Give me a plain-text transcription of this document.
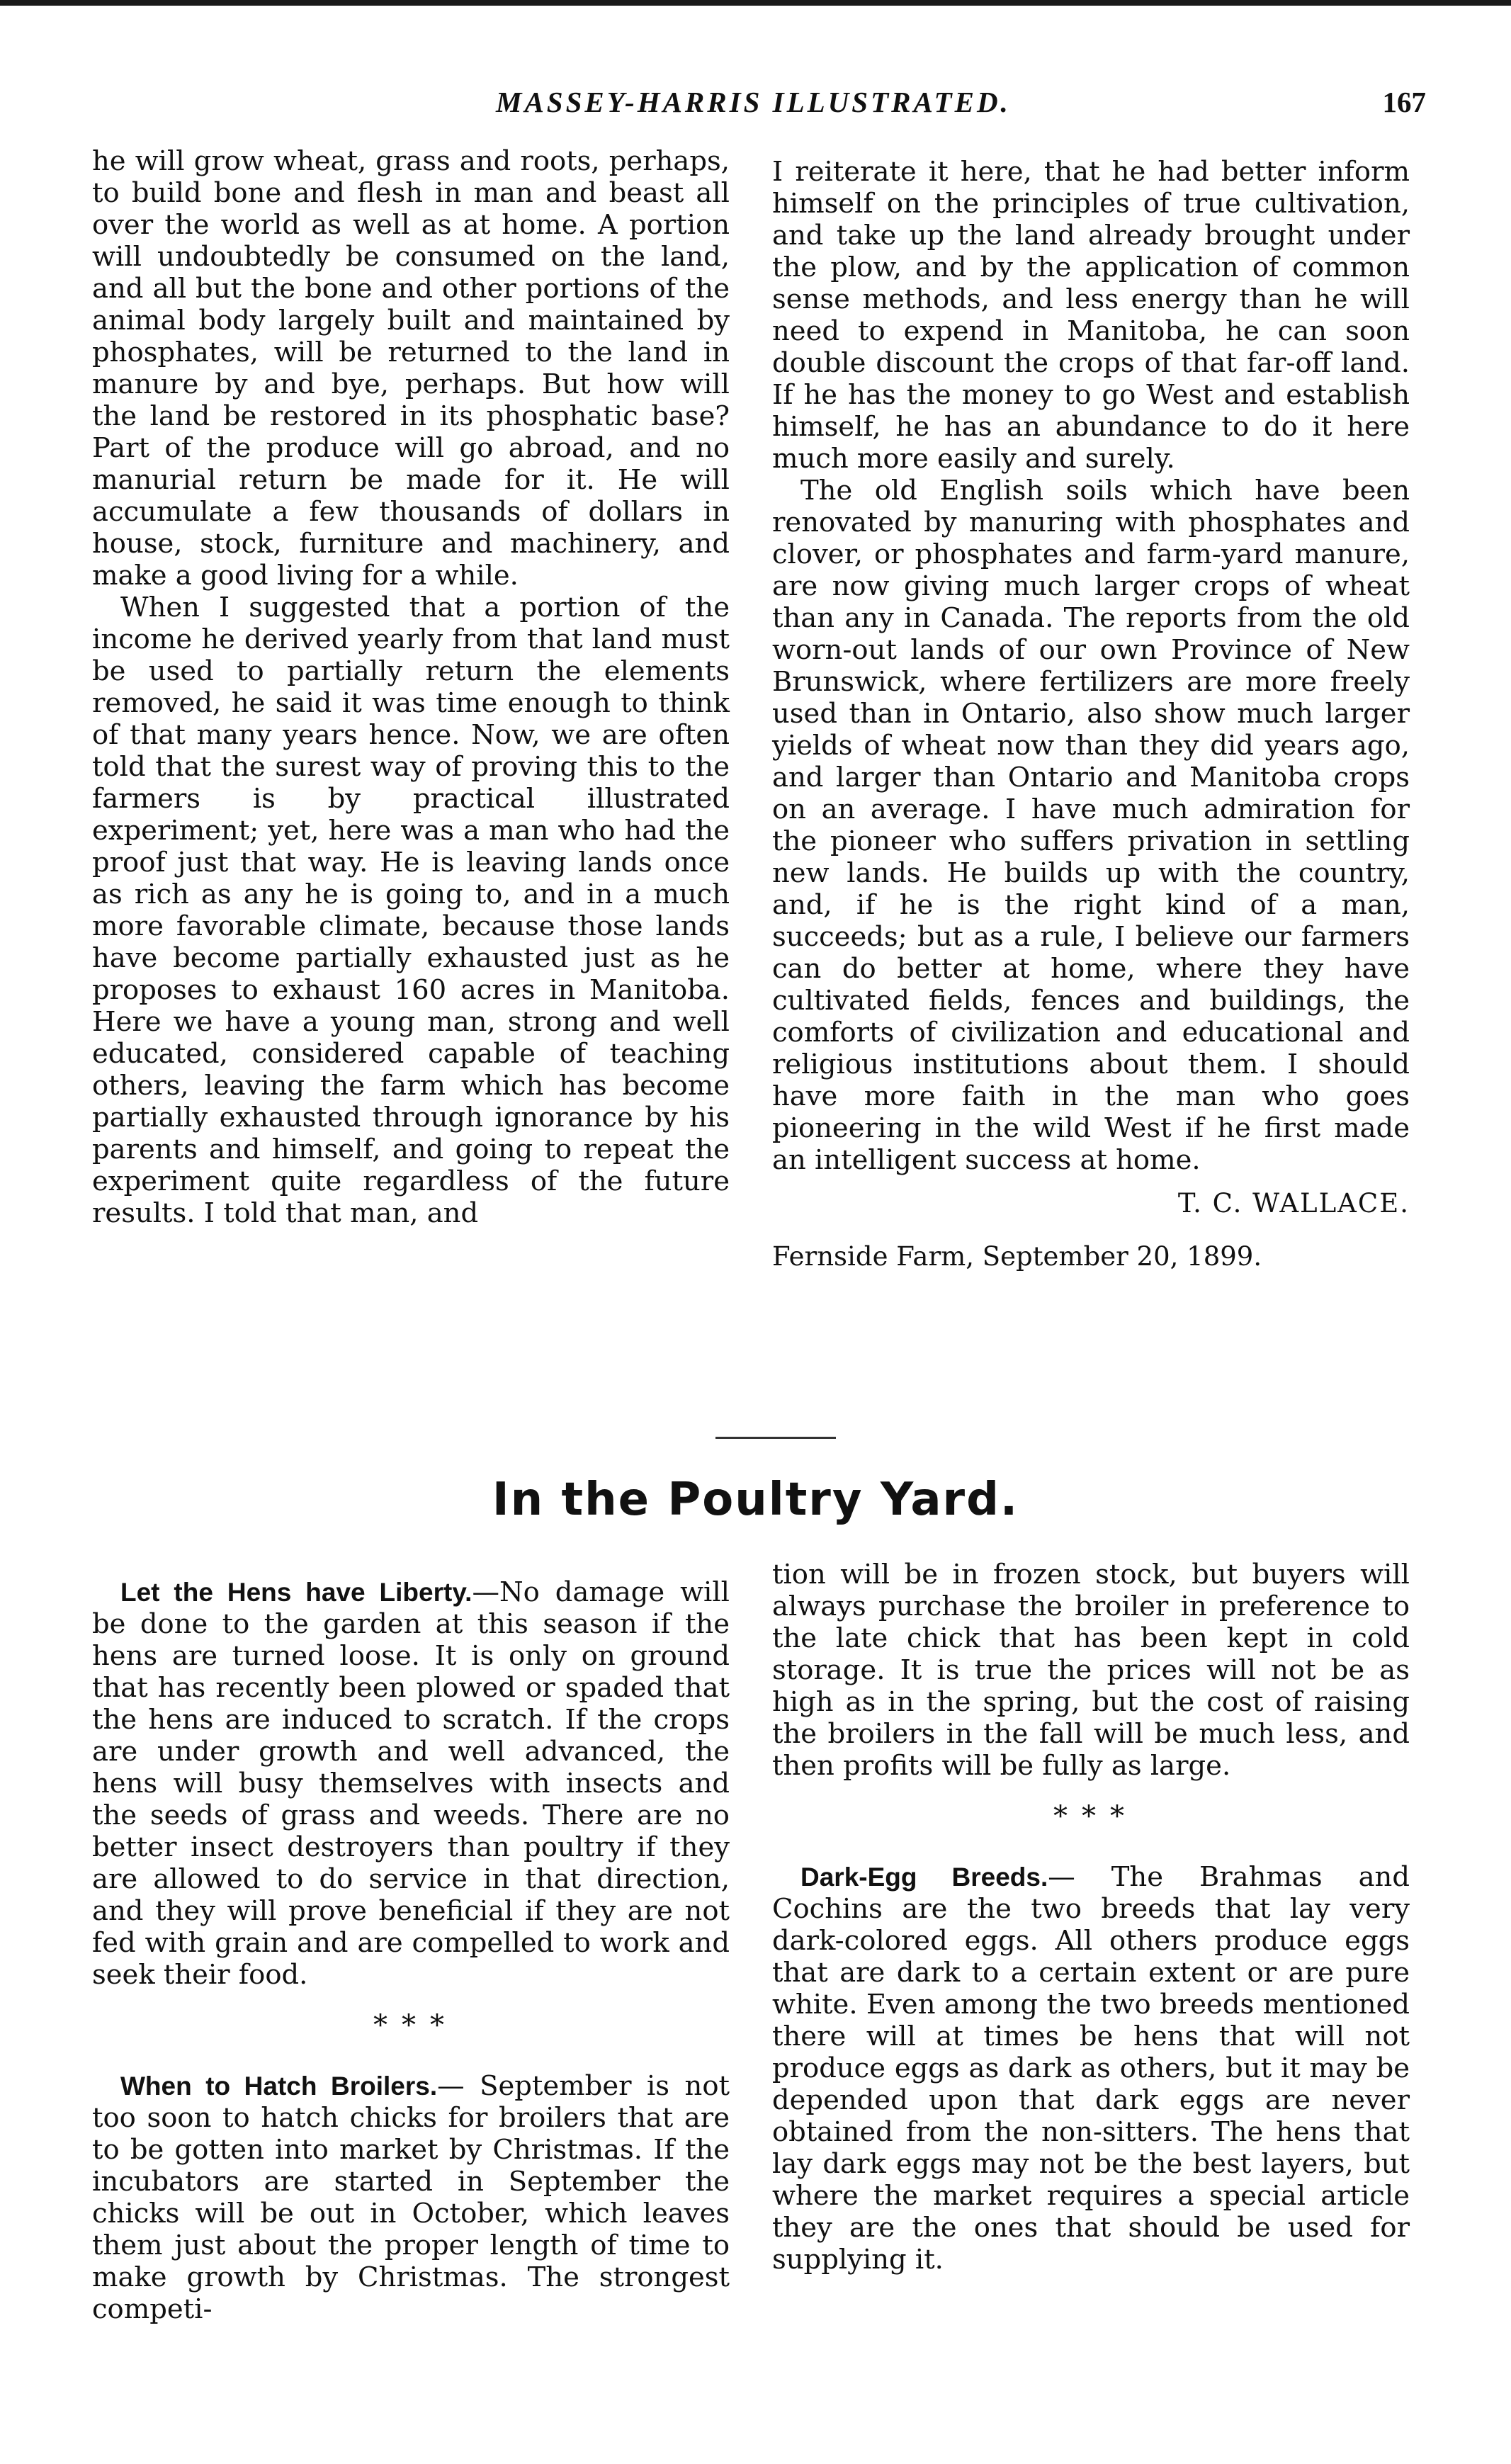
MASSEY-HARRIS ILLUSTRATED.	167

he will grow wheat, grass and roots, perhaps, to build bone and flesh in man and beast all over the world as well as at home. A portion will undoubtedly be consumed on the land, and all but the bone and other portions of the animal body largely built and maintained by phosphates, will be returned to the land in manure by and bye, perhaps. But how will the land be restored in its phosphatic base? Part of the produce will go abroad, and no manurial return be made for it. He will accumulate a few thousands of dollars in house, stock, furniture and machinery, and make a good living for a while.

When I suggested that a portion of the income he derived yearly from that land must be used to partially return the elements removed, he said it was time enough to think of that many years hence. Now, we are often told that the surest way of proving this to the farmers is by practical illustrated experiment; yet, here was a man who had the proof just that way. He is leaving lands once as rich as any he is going to, and in a much more favorable climate, because those lands have become partially exhausted just as he proposes to exhaust 160 acres in Manitoba. Here we have a young man, strong and well educated, considered capable of teaching others, leaving the farm which has become partially exhausted through ignorance by his parents and himself, and going to repeat the experiment quite regardless of the future results. I told that man, and

I reiterate it here, that he had better inform himself on the principles of true cultivation, and take up the land already brought under the plow, and by the application of common sense methods, and less energy than he will need to expend in Manitoba, he can soon double discount the crops of that far-off land. If he has the money to go West and establish himself, he has an abundance to do it here much more easily and surely.

The old English soils which have been renovated by manuring with phosphates and clover, or phosphates and farm-yard manure, are now giving much larger crops of wheat than any in Canada. The reports from the old worn-out lands of our own Province of New Brunswick, where fertilizers are more freely used than in Ontario, also show much larger yields of wheat now than they did years ago, and larger than Ontario and Manitoba crops on an average. I have much admiration for the pioneer who suffers privation in settling new lands. He builds up with the country, and, if he is the right kind of a man, succeeds; but as a rule, I believe our farmers can do better at home, where they have cultivated fields, fences and buildings, the comforts of civilization and educational and religious institutions about them. I should have more faith in the man who goes pioneering in the wild West if he first made an intelligent success at home.

T. C. WALLACE.
Fernside Farm, September 20, 1899.
In the Poultry Yard.

Let the Hens have Liberty.—No damage will be done to the garden at this season if the hens are turned loose. It is only on ground that has recently been plowed or spaded that the hens are induced to scratch. If the crops are under growth and well advanced, the hens will busy themselves with insects and the seeds of grass and weeds. There are no better insect destroyers than poultry if they are allowed to do service in that direction, and they will prove beneficial if they are not fed with grain and are compelled to work and seek their food.

* * *

When to Hatch Broilers.— September is not too soon to hatch chicks for broilers that are to be gotten into market by Christmas. If the incubators are started in September the chicks will be out in October, which leaves them just about the proper length of time to make growth by Christmas. The strongest competi-

tion will be in frozen stock, but buyers will always purchase the broiler in preference to the late chick that has been kept in cold storage. It is true the prices will not be as high as in the spring, but the cost of raising the broilers in the fall will be much less, and then profits will be fully as large.

* * *

Dark-Egg Breeds.— The Brahmas and Cochins are the two breeds that lay very dark-colored eggs. All others produce eggs that are dark to a certain extent or are pure white. Even among the two breeds mentioned there will at times be hens that will not produce eggs as dark as others, but it may be depended upon that dark eggs are never obtained from the non-sitters. The hens that lay dark eggs may not be the best layers, but where the market requires a special article they are the ones that should be used for supplying it.
